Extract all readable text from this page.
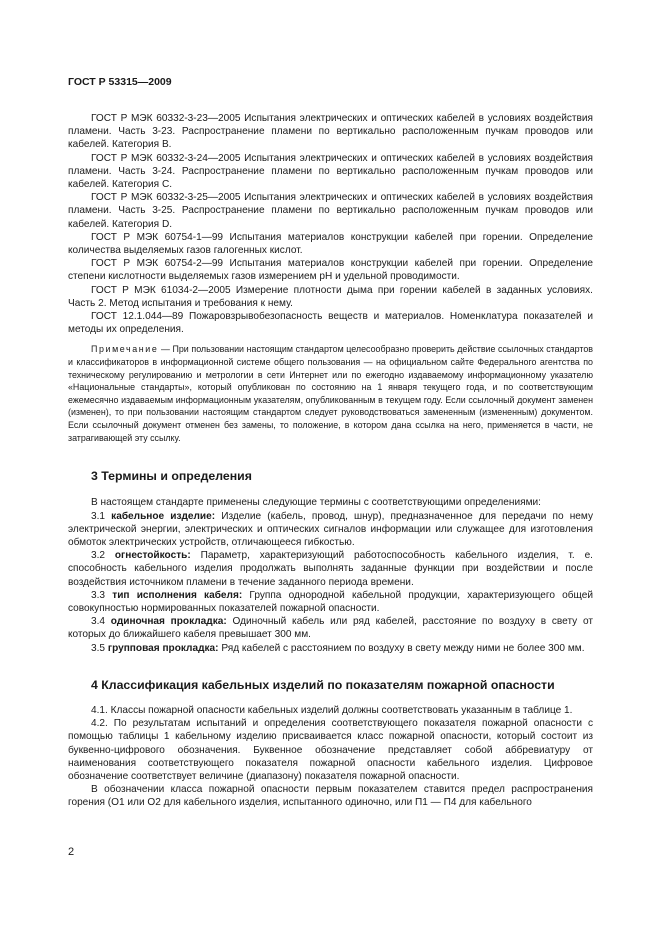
ГОСТ Р 53315—2009

ГОСТ Р МЭК 60332-3-23—2005 Испытания электрических и оптических кабелей в условиях воздействия пламени. Часть 3-23. Распространение пламени по вертикально расположенным пучкам проводов или кабелей. Категория В.

ГОСТ Р МЭК 60332-3-24—2005 Испытания электрических и оптических кабелей в условиях воздействия пламени. Часть 3-24. Распространение пламени по вертикально расположенным пучкам проводов или кабелей. Категория С.

ГОСТ Р МЭК 60332-3-25—2005 Испытания электрических и оптических кабелей в условиях воздействия пламени. Часть 3-25. Распространение пламени по вертикально расположенным пучкам проводов или кабелей. Категория D.

ГОСТ Р МЭК 60754-1—99 Испытания материалов конструкции кабелей при горении. Определение количества выделяемых газов галогенных кислот.

ГОСТ Р МЭК 60754-2—99 Испытания материалов конструкции кабелей при горении. Определение степени кислотности выделяемых газов измерением pH и удельной проводимости.

ГОСТ Р МЭК 61034-2—2005 Измерение плотности дыма при горении кабелей в заданных условиях. Часть 2. Метод испытания и требования к нему.

ГОСТ 12.1.044—89 Пожаровзрывобезопасность веществ и материалов. Номенклатура показателей и методы их определения.

Примечание — При пользовании настоящим стандартом целесообразно проверить действие ссылочных стандартов и классификаторов в информационной системе общего пользования — на официальном сайте Федерального агентства по техническому регулированию и метрологии в сети Интернет или по ежегодно издаваемому информационному указателю «Национальные стандарты», который опубликован по состоянию на 1 января текущего года, и по соответствующим ежемесячно издаваемым информационным указателям, опубликованным в текущем году. Если ссылочный документ заменен (изменен), то при пользовании настоящим стандартом следует руководствоваться замененным (измененным) документом. Если ссылочный документ отменен без замены, то положение, в котором дана ссылка на него, применяется в части, не затрагивающей эту ссылку.

3 Термины и определения

В настоящем стандарте применены следующие термины с соответствующими определениями:

3.1 кабельное изделие: Изделие (кабель, провод, шнур), предназначенное для передачи по нему электрической энергии, электрических и оптических сигналов информации или служащее для изготовления обмоток электрических устройств, отличающееся гибкостью.

3.2 огнестойкость: Параметр, характеризующий работоспособность кабельного изделия, т. е. способность кабельного изделия продолжать выполнять заданные функции при воздействии и после воздействия источником пламени в течение заданного периода времени.

3.3 тип исполнения кабеля: Группа однородной кабельной продукции, характеризующего общей совокупностью нормированных показателей пожарной опасности.

3.4 одиночная прокладка: Одиночный кабель или ряд кабелей, расстояние по воздуху в свету от которых до ближайшего кабеля превышает 300 мм.

3.5 групповая прокладка: Ряд кабелей с расстоянием по воздуху в свету между ними не более 300 мм.

4 Классификация кабельных изделий по показателям пожарной опасности

4.1. Классы пожарной опасности кабельных изделий должны соответствовать указанным в таблице 1.

4.2. По результатам испытаний и определения соответствующего показателя пожарной опасности с помощью таблицы 1 кабельному изделию присваивается класс пожарной опасности, который состоит из буквенно-цифрового обозначения. Буквенное обозначение представляет собой аббревиатуру от наименования соответствующего показателя пожарной опасности кабельного изделия. Цифровое обозначение соответствует величине (диапазону) показателя пожарной опасности.

В обозначении класса пожарной опасности первым показателем ставится предел распространения горения (О1 или О2 для кабельного изделия, испытанного одиночно, или П1 — П4 для кабельного

2
